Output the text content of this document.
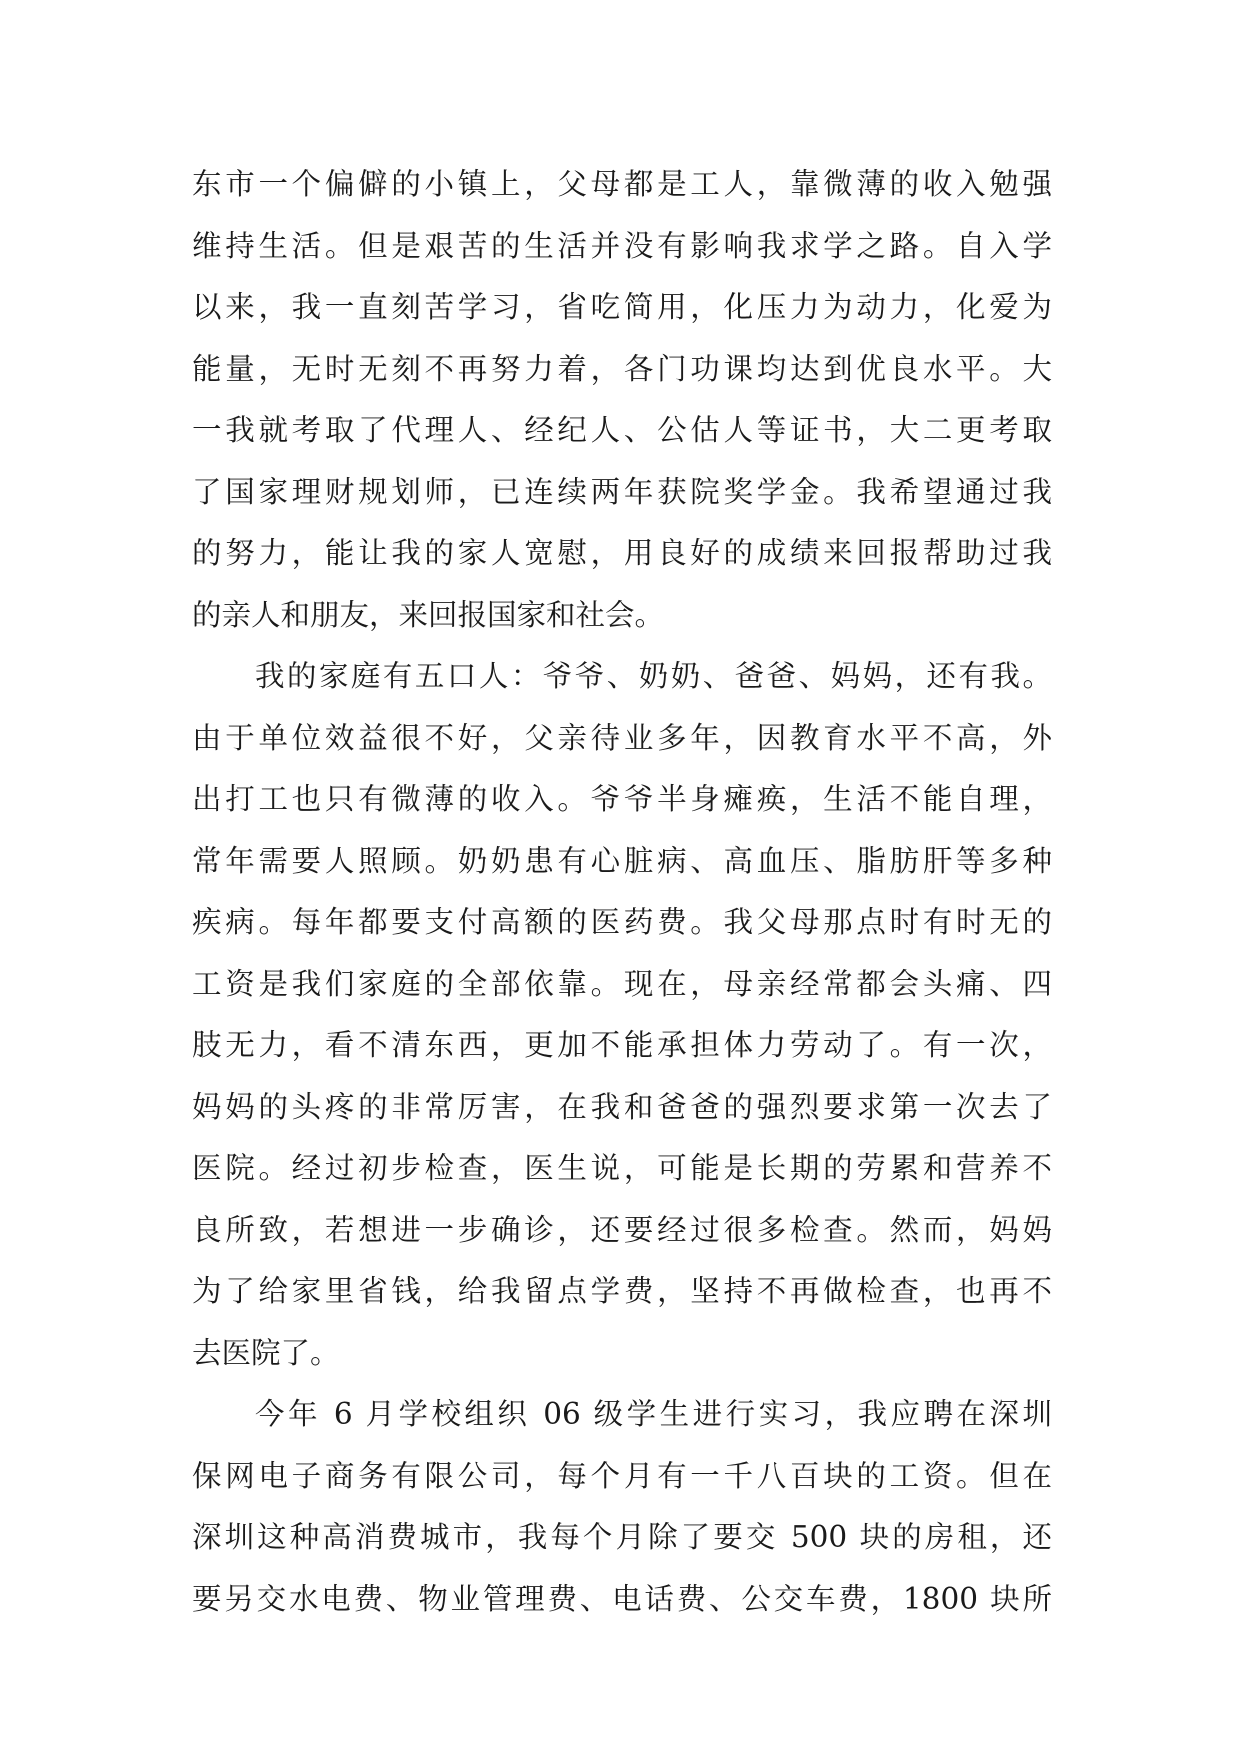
东市一个偏僻的小镇上，父母都是工人，靠微薄的收入勉强
维持生活。但是艰苦的生活并没有影响我求学之路。自入学
以来，我一直刻苦学习，省吃简用，化压力为动力，化爱为
能量，无时无刻不再努力着，各门功课均达到优良水平。大
一我就考取了代理人、经纪人、公估人等证书，大二更考取
了国家理财规划师，已连续两年获院奖学金。我希望通过我
的努力，能让我的家人宽慰，用良好的成绩来回报帮助过我
的亲人和朋友，来回报国家和社会。
我的家庭有五口人：爷爷、奶奶、爸爸、妈妈，还有我。
由于单位效益很不好，父亲待业多年，因教育水平不高，外
出打工也只有微薄的收入。爷爷半身瘫痪，生活不能自理，
常年需要人照顾。奶奶患有心脏病、高血压、脂肪肝等多种
疾病。每年都要支付高额的医药费。我父母那点时有时无的
工资是我们家庭的全部依靠。现在，母亲经常都会头痛、四
肢无力，看不清东西，更加不能承担体力劳动了。有一次，
妈妈的头疼的非常厉害，在我和爸爸的强烈要求第一次去了
医院。经过初步检查，医生说，可能是长期的劳累和营养不
良所致，若想进一步确诊，还要经过很多检查。然而，妈妈
为了给家里省钱，给我留点学费，坚持不再做检查，也再不
去医院了。
今年 6 月学校组织 06 级学生进行实习，我应聘在深圳
保网电子商务有限公司，每个月有一千八百块的工资。但在
深圳这种高消费城市，我每个月除了要交 500 块的房租，还
要另交水电费、物业管理费、电话费、公交车费，1800 块所
